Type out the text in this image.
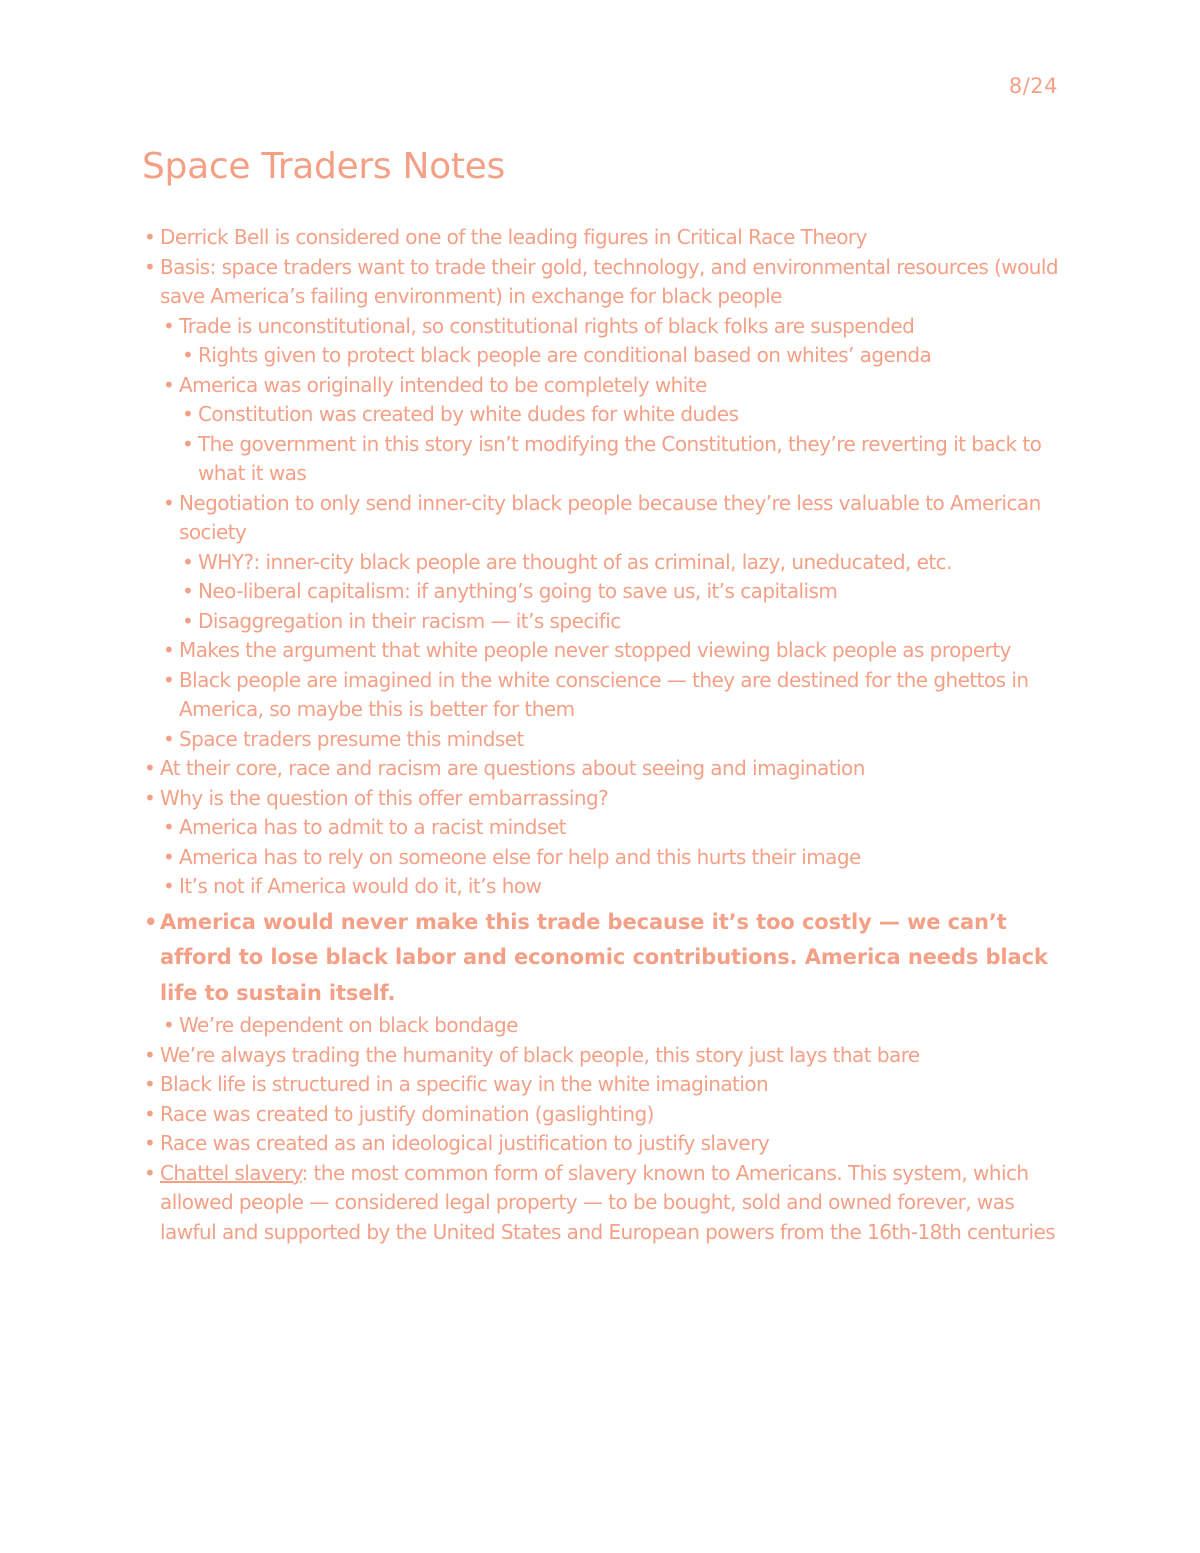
8/24
Space Traders Notes
• Derrick Bell is considered one of the leading figures in Critical Race Theory
• Basis: space traders want to trade their gold, technology, and environmental resources (would save America’s failing environment) in exchange for black people
• Trade is unconstitutional, so constitutional rights of black folks are suspended
• Rights given to protect black people are conditional based on whites’ agenda
• America was originally intended to be completely white
• Constitution was created by white dudes for white dudes
• The government in this story isn’t modifying the Constitution, they’re reverting it back to what it was
• Negotiation to only send inner-city black people because they’re less valuable to American society
• WHY?: inner-city black people are thought of as criminal, lazy, uneducated, etc.
• Neo-liberal capitalism: if anything’s going to save us, it’s capitalism
• Disaggregation in their racism — it’s specific
• Makes the argument that white people never stopped viewing black people as property
• Black people are imagined in the white conscience — they are destined for the ghettos in America, so maybe this is better for them
• Space traders presume this mindset
• At their core, race and racism are questions about seeing and imagination
• Why is the question of this offer embarrassing?
• America has to admit to a racist mindset
• America has to rely on someone else for help and this hurts their image
• It’s not if America would do it, it’s how
• America would never make this trade because it’s too costly — we can’t afford to lose black labor and economic contributions. America needs black life to sustain itself.
• We’re dependent on black bondage
• We’re always trading the humanity of black people, this story just lays that bare
• Black life is structured in a specific way in the white imagination
• Race was created to justify domination (gaslighting)
• Race was created as an ideological justification to justify slavery
• Chattel slavery: the most common form of slavery known to Americans. This system, which allowed people — considered legal property — to be bought, sold and owned forever, was lawful and supported by the United States and European powers from the 16th-18th centuries
